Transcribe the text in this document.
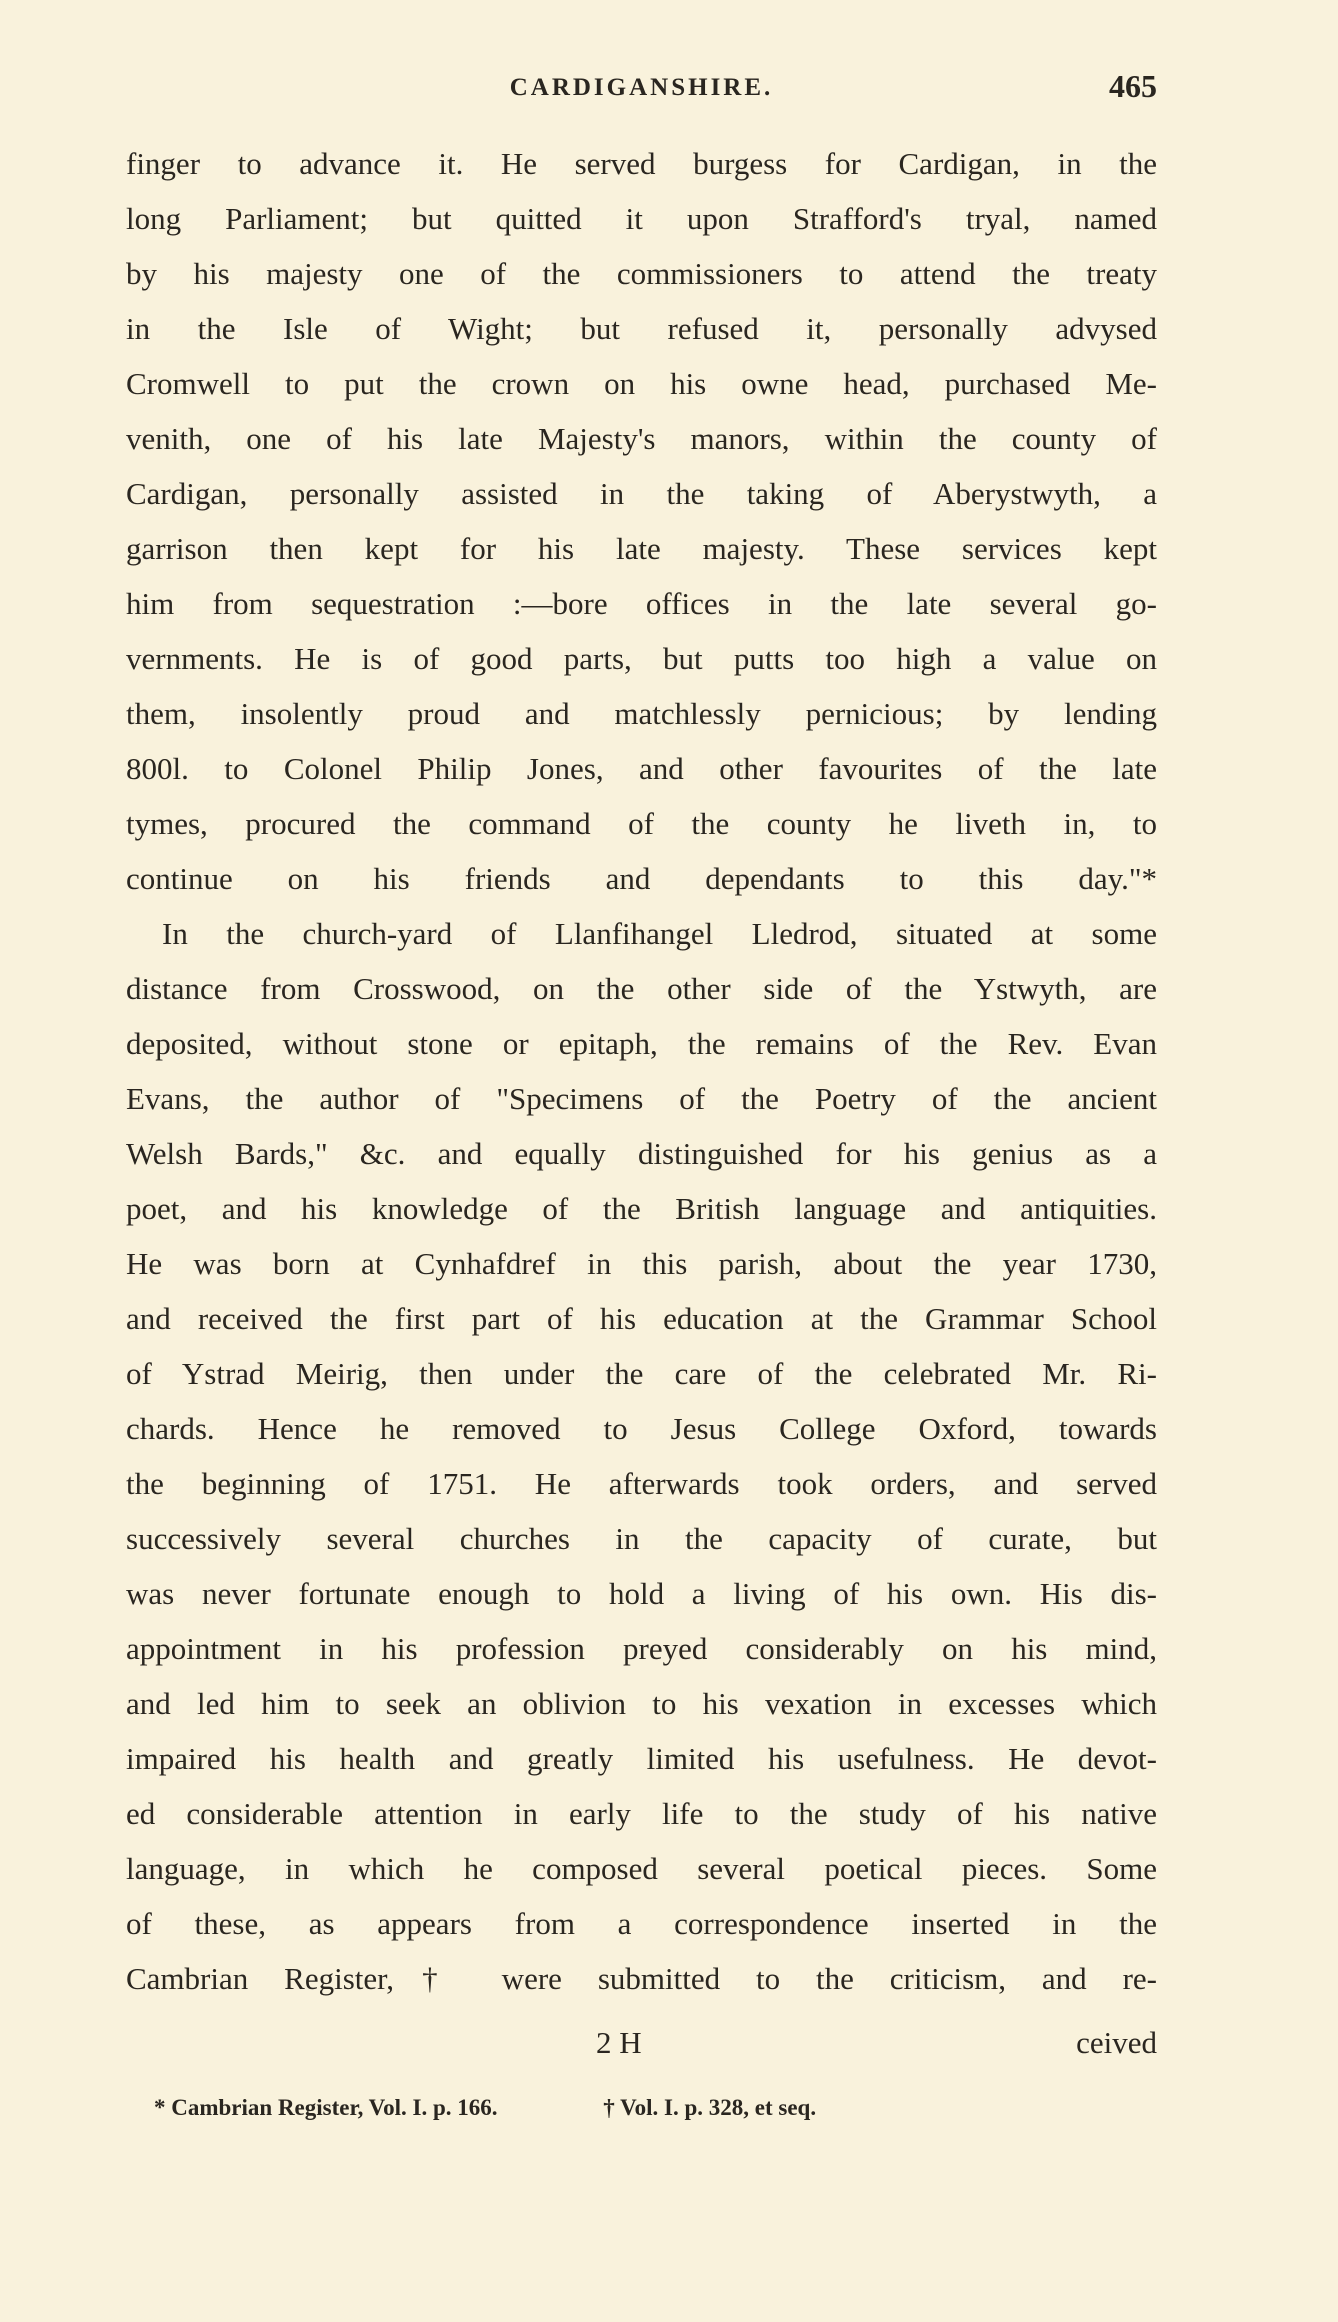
CARDIGANSHIRE.	465
finger to advance it. He served burgess for Cardigan, in the
long Parliament; but quitted it upon Strafford's tryal, named
by his majesty one of the commissioners to attend the treaty
in the Isle of Wight; but refused it, personally advysed
Cromwell to put the crown on his owne head, purchased Me-
venith, one of his late Majesty's manors, within the county of
Cardigan, personally assisted in the taking of Aberystwyth, a
garrison then kept for his late majesty. These services kept
him from sequestration :—bore offices in the late several go-
vernments. He is of good parts, but putts too high a value on
them, insolently proud and matchlessly pernicious; by lending
800l. to Colonel Philip Jones, and other favourites of the late
tymes, procured the command of the county he liveth in, to
continue on his friends and dependants to this day."*
In the church-yard of Llanfihangel Lledrod, situated at some
distance from Crosswood, on the other side of the Ystwyth, are
deposited, without stone or epitaph, the remains of the Rev. Evan
Evans, the author of "Specimens of the Poetry of the ancient
Welsh Bards," &c. and equally distinguished for his genius as a
poet, and his knowledge of the British language and antiquities.
He was born at Cynhafdref in this parish, about the year 1730,
and received the first part of his education at the Grammar School
of Ystrad Meirig, then under the care of the celebrated Mr. Ri-
chards. Hence he removed to Jesus College Oxford, towards
the beginning of 1751. He afterwards took orders, and served
successively several churches in the capacity of curate, but
was never fortunate enough to hold a living of his own. His dis-
appointment in his profession preyed considerably on his mind,
and led him to seek an oblivion to his vexation in excesses which
impaired his health and greatly limited his usefulness. He devot-
ed considerable attention in early life to the study of his native
language, in which he composed several poetical pieces. Some
of these, as appears from a correspondence inserted in the
Cambrian Register,† were submitted to the criticism, and re-
2 H	ceived
* Cambrian Register, Vol. I. p. 166.	† Vol. I. p. 328, et seq.
